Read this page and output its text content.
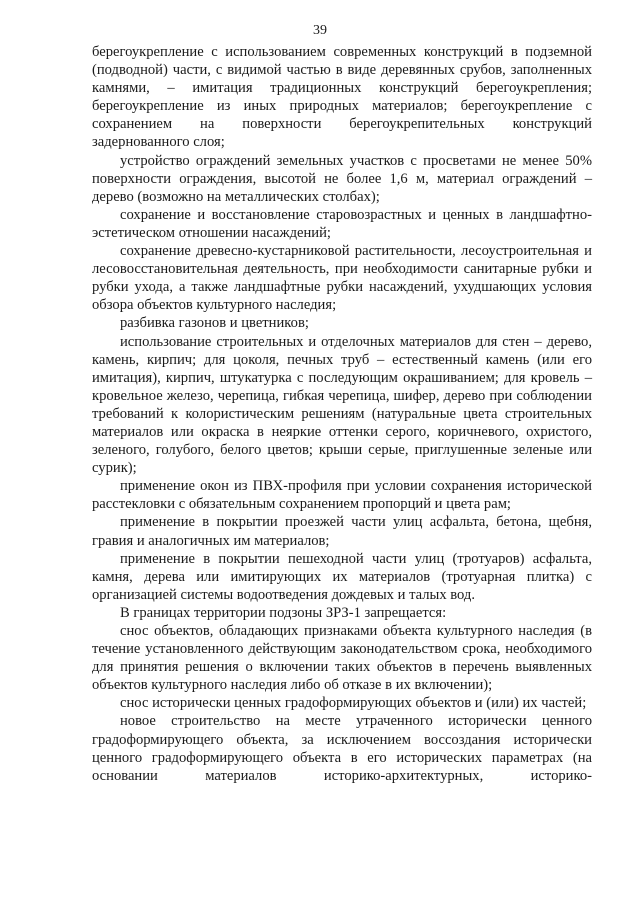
39

берегоукрепление с использованием современных конструкций в подземной (подводной) части, с видимой частью в виде деревянных срубов, заполненных камнями, – имитация традиционных конструкций берегоукрепления; берегоукрепление из иных природных материалов; берегоукрепление с сохранением на поверхности берегоукрепительных конструкций задернованного слоя;

устройство ограждений земельных участков с просветами не менее 50% поверхности ограждения, высотой не более 1,6 м, материал ограждений – дерево (возможно на металлических столбах);

сохранение и восстановление старовозрастных и ценных в ландшафтно-эстетическом отношении насаждений;

сохранение древесно-кустарниковой растительности, лесоустроительная и лесовосстановительная деятельность, при необходимости санитарные рубки и рубки ухода, а также ландшафтные рубки насаждений, ухудшающих условия обзора объектов культурного наследия;

разбивка газонов и цветников;

использование строительных и отделочных материалов для стен – дерево, камень, кирпич; для цоколя, печных труб – естественный камень (или его имитация), кирпич, штукатурка с последующим окрашиванием; для кровель – кровельное железо, черепица, гибкая черепица, шифер, дерево при соблюдении требований к колористическим решениям (натуральные цвета строительных материалов или окраска в неяркие оттенки серого, коричневого, охристого, зеленого, голубого, белого цветов; крыши серые, приглушенные зеленые или сурик);

применение окон из ПВХ-профиля при условии сохранения исторической расстекловки с обязательным сохранением пропорций и цвета рам;

применение в покрытии проезжей части улиц асфальта, бетона, щебня, гравия и аналогичных им материалов;

применение в покрытии пешеходной части улиц (тротуаров) асфальта, камня, дерева или имитирующих их материалов (тротуарная плитка) с организацией системы водоотведения дождевых и талых вод.

В границах территории подзоны ЗРЗ-1 запрещается:

снос объектов, обладающих признаками объекта культурного наследия (в течение установленного действующим законодательством срока, необходимого для принятия решения о включении таких объектов в перечень выявленных объектов культурного наследия либо об отказе в их включении);

снос исторически ценных градоформирующих объектов и (или) их частей;

новое строительство на месте утраченного исторически ценного градоформирующего объекта, за исключением воссоздания исторически ценного градоформирующего объекта в его исторических параметрах (на основании материалов историко-архитектурных, историко-
